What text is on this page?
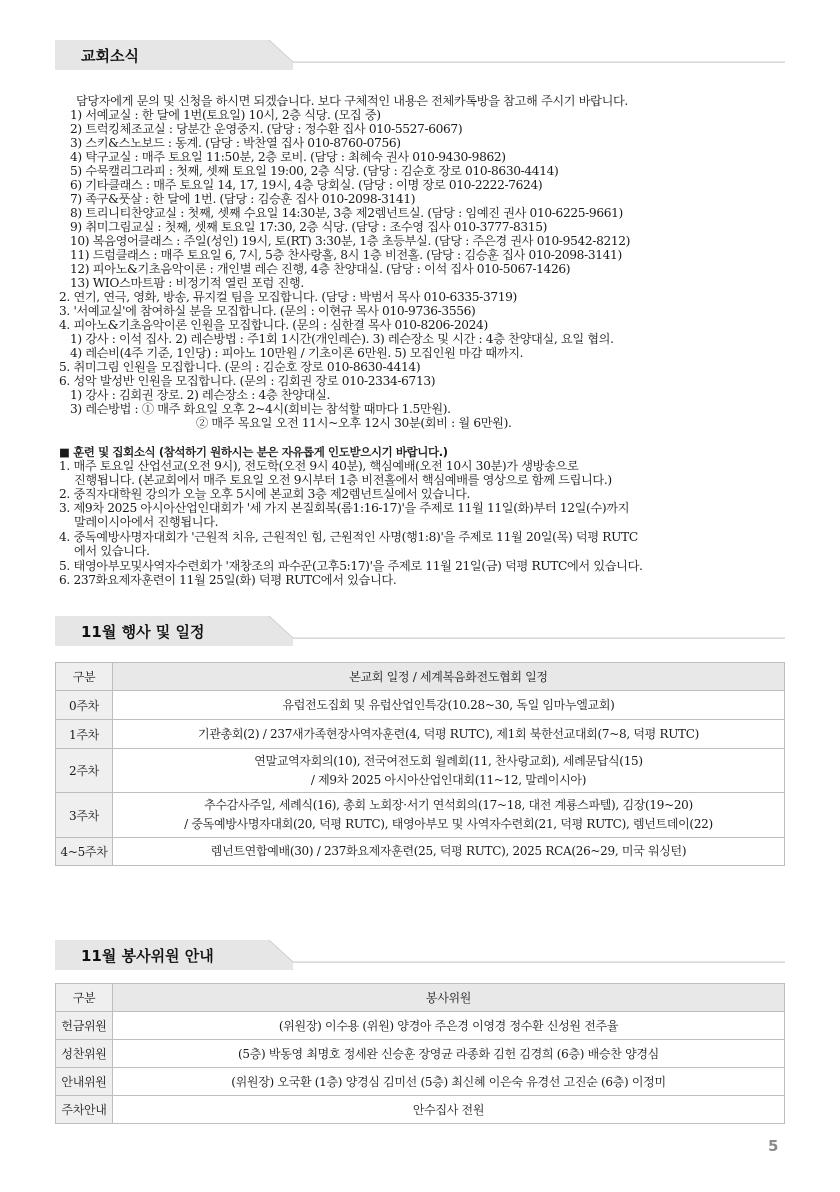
교회소식
담당자에게 문의 및 신청을 하시면 되겠습니다. 보다 구체적인 내용은 전체카톡방을 참고해 주시기 바랍니다.
1) 서예교실 : 한 달에 1번(토요일) 10시, 2층 식당. (모집 중)
2) 트럭킹체조교실 : 당분간 운영중지. (담당 : 정수환 집사 010-5527-6067)
3) 스키&스노보드 : 동계. (담당 : 박찬열 집사 010-8760-0756)
4) 탁구교실 : 매주 토요일 11:50분, 2층 로비. (담당 : 최혜숙 권사 010-9430-9862)
5) 수묵캘리그라피 : 첫째, 셋째 토요일 19:00, 2층 식당. (담당 : 김순호 장로 010-8630-4414)
6) 기타클래스 : 매주 토요일 14, 17, 19시, 4층 당회실. (담당 : 이명 장로 010-2222-7624)
7) 족구&풋살 : 한 달에 1번. (담당 : 김승훈 집사 010-2098-3141)
8) 트리니티찬양교실 : 첫째, 셋째 수요일 14:30분, 3층 제2렘넌트실. (담당 : 임예진 권사 010-6225-9661)
9) 취미그림교실 : 첫째, 셋째 토요일 17:30, 2층 식당. (담당 : 조수영 집사 010-3777-8315)
10) 복음영어클래스 : 주일(성인) 19시, 토(RT) 3:30분, 1층 초등부실. (담당 : 주은경 권사 010-9542-8212)
11) 드럼클래스 : 매주 토요일 6, 7시, 5층 찬사랑홀, 8시 1층 비전홀. (담당 : 김승훈 집사 010-2098-3141)
12) 피아노&기초음악이론 : 개인별 레슨 진행, 4층 찬양대실. (담당 : 이석 집사 010-5067-1426)
13) WIO스마트팜 : 비정기적 열린 포럼 진행.
2. 연기, 연극, 영화, 방송, 뮤지컬 팀을 모집합니다. (담당 : 박범서 목사 010-6335-3719)
3. '서예교실'에 참여하실 분을 모집합니다. (문의 : 이현규 목사 010-9736-3556)
4. 피아노&기초음악이론 인원을 모집합니다. (문의 : 심한결 목사 010-8206-2024)
1) 강사 : 이석 집사. 2) 레슨방법 : 주1회 1시간(개인레슨). 3) 레슨장소 및 시간 : 4층 찬양대실, 요일 협의.
4) 레슨비(4주 기준, 1인당) : 피아노 10만원 / 기초이론 6만원. 5) 모집인원 마감 때까지.
5. 취미그림 인원을 모집합니다. (문의 : 김순호 장로 010-8630-4414)
6. 성악 발성반 인원을 모집합니다. (문의 : 김회권 장로 010-2334-6713)
1) 강사 : 김회권 장로. 2) 레슨장소 : 4층 찬양대실.
3) 레슨방법 : ① 매주 화요일 오후 2~4시(회비는 참석할 때마다 1.5만원).
② 매주 목요일 오전 11시~오후 12시 30분(회비 : 월 6만원).
■ 훈련 및 집회소식 (참석하기 원하시는 분은 자유롭게 인도받으시기 바랍니다.)
1. 매주 토요일 산업선교(오전 9시), 전도학(오전 9시 40분), 핵심예배(오전 10시 30분)가 생방송으로
진행됩니다. (본교회에서 매주 토요일 오전 9시부터 1층 비전홀에서 핵심예배를 영상으로 함께 드립니다.)
2. 중직자대학원 강의가 오늘 오후 5시에 본교회 3층 제2렘넌트실에서 있습니다.
3. 제9차 2025 아시아산업인대회가 '세 가지 본질회복(롬1:16-17)'을 주제로 11월 11일(화)부터 12일(수)까지
말레이시아에서 진행됩니다.
4. 중독예방사명자대회가 '근원적 치유, 근원적인 힘, 근원적인 사명(행1:8)'을 주제로 11월 20일(목) 덕평 RUTC
에서 있습니다.
5. 태영아부모및사역자수련회가 '재창조의 파수꾼(고후5:17)'을 주제로 11월 21일(금) 덕평 RUTC에서 있습니다.
6. 237화요제자훈련이 11월 25일(화) 덕평 RUTC에서 있습니다.
11월 행사 및 일정
구분	본교회 일정 / 세계복음화전도협회 일정
0주차	유럽전도집회 및 유럽산업인특강(10.28~30, 독일 임마누엘교회)

1주차	기관총회(2) / 237새가족현장사역자훈련(4, 덕평 RUTC), 제1회 북한선교대회(7~8, 덕평 RUTC)

2주차	연말교역자회의(10), 전국여전도회 월례회(11, 찬사랑교회), 세례문답식(15)
/ 제9차 2025 아시아산업인대회(11~12, 말레이시아)

3주차	추수감사주일, 세례식(16), 총회 노회장·서기 연석회의(17~18, 대전 계룡스파텔), 김장(19~20)
/ 중독예방사명자대회(20, 덕평 RUTC), 태영아부모 및 사역자수련회(21, 덕평 RUTC), 렘넌트데이(22)

4~5주차	렘넌트연합예배(30) / 237화요제자훈련(25, 덕평 RUTC), 2025 RCA(26~29, 미국 워싱턴)
11월 봉사위원 안내
구분	봉사위원
헌금위원	(위원장) 이수용 (위원) 양경아 주은경 이영경 정수환 신성원 전주율
성찬위원	(5층) 박동영 최명호 정세완 신승훈 장영균 라종화 김헌 김경희 (6층) 배승찬 양경심
안내위원	(위원장) 오국환 (1층) 양경심 김미선 (5층) 최신혜 이은숙 유경선 고진순 (6층) 이정미
주차안내	안수집사 전원
5
